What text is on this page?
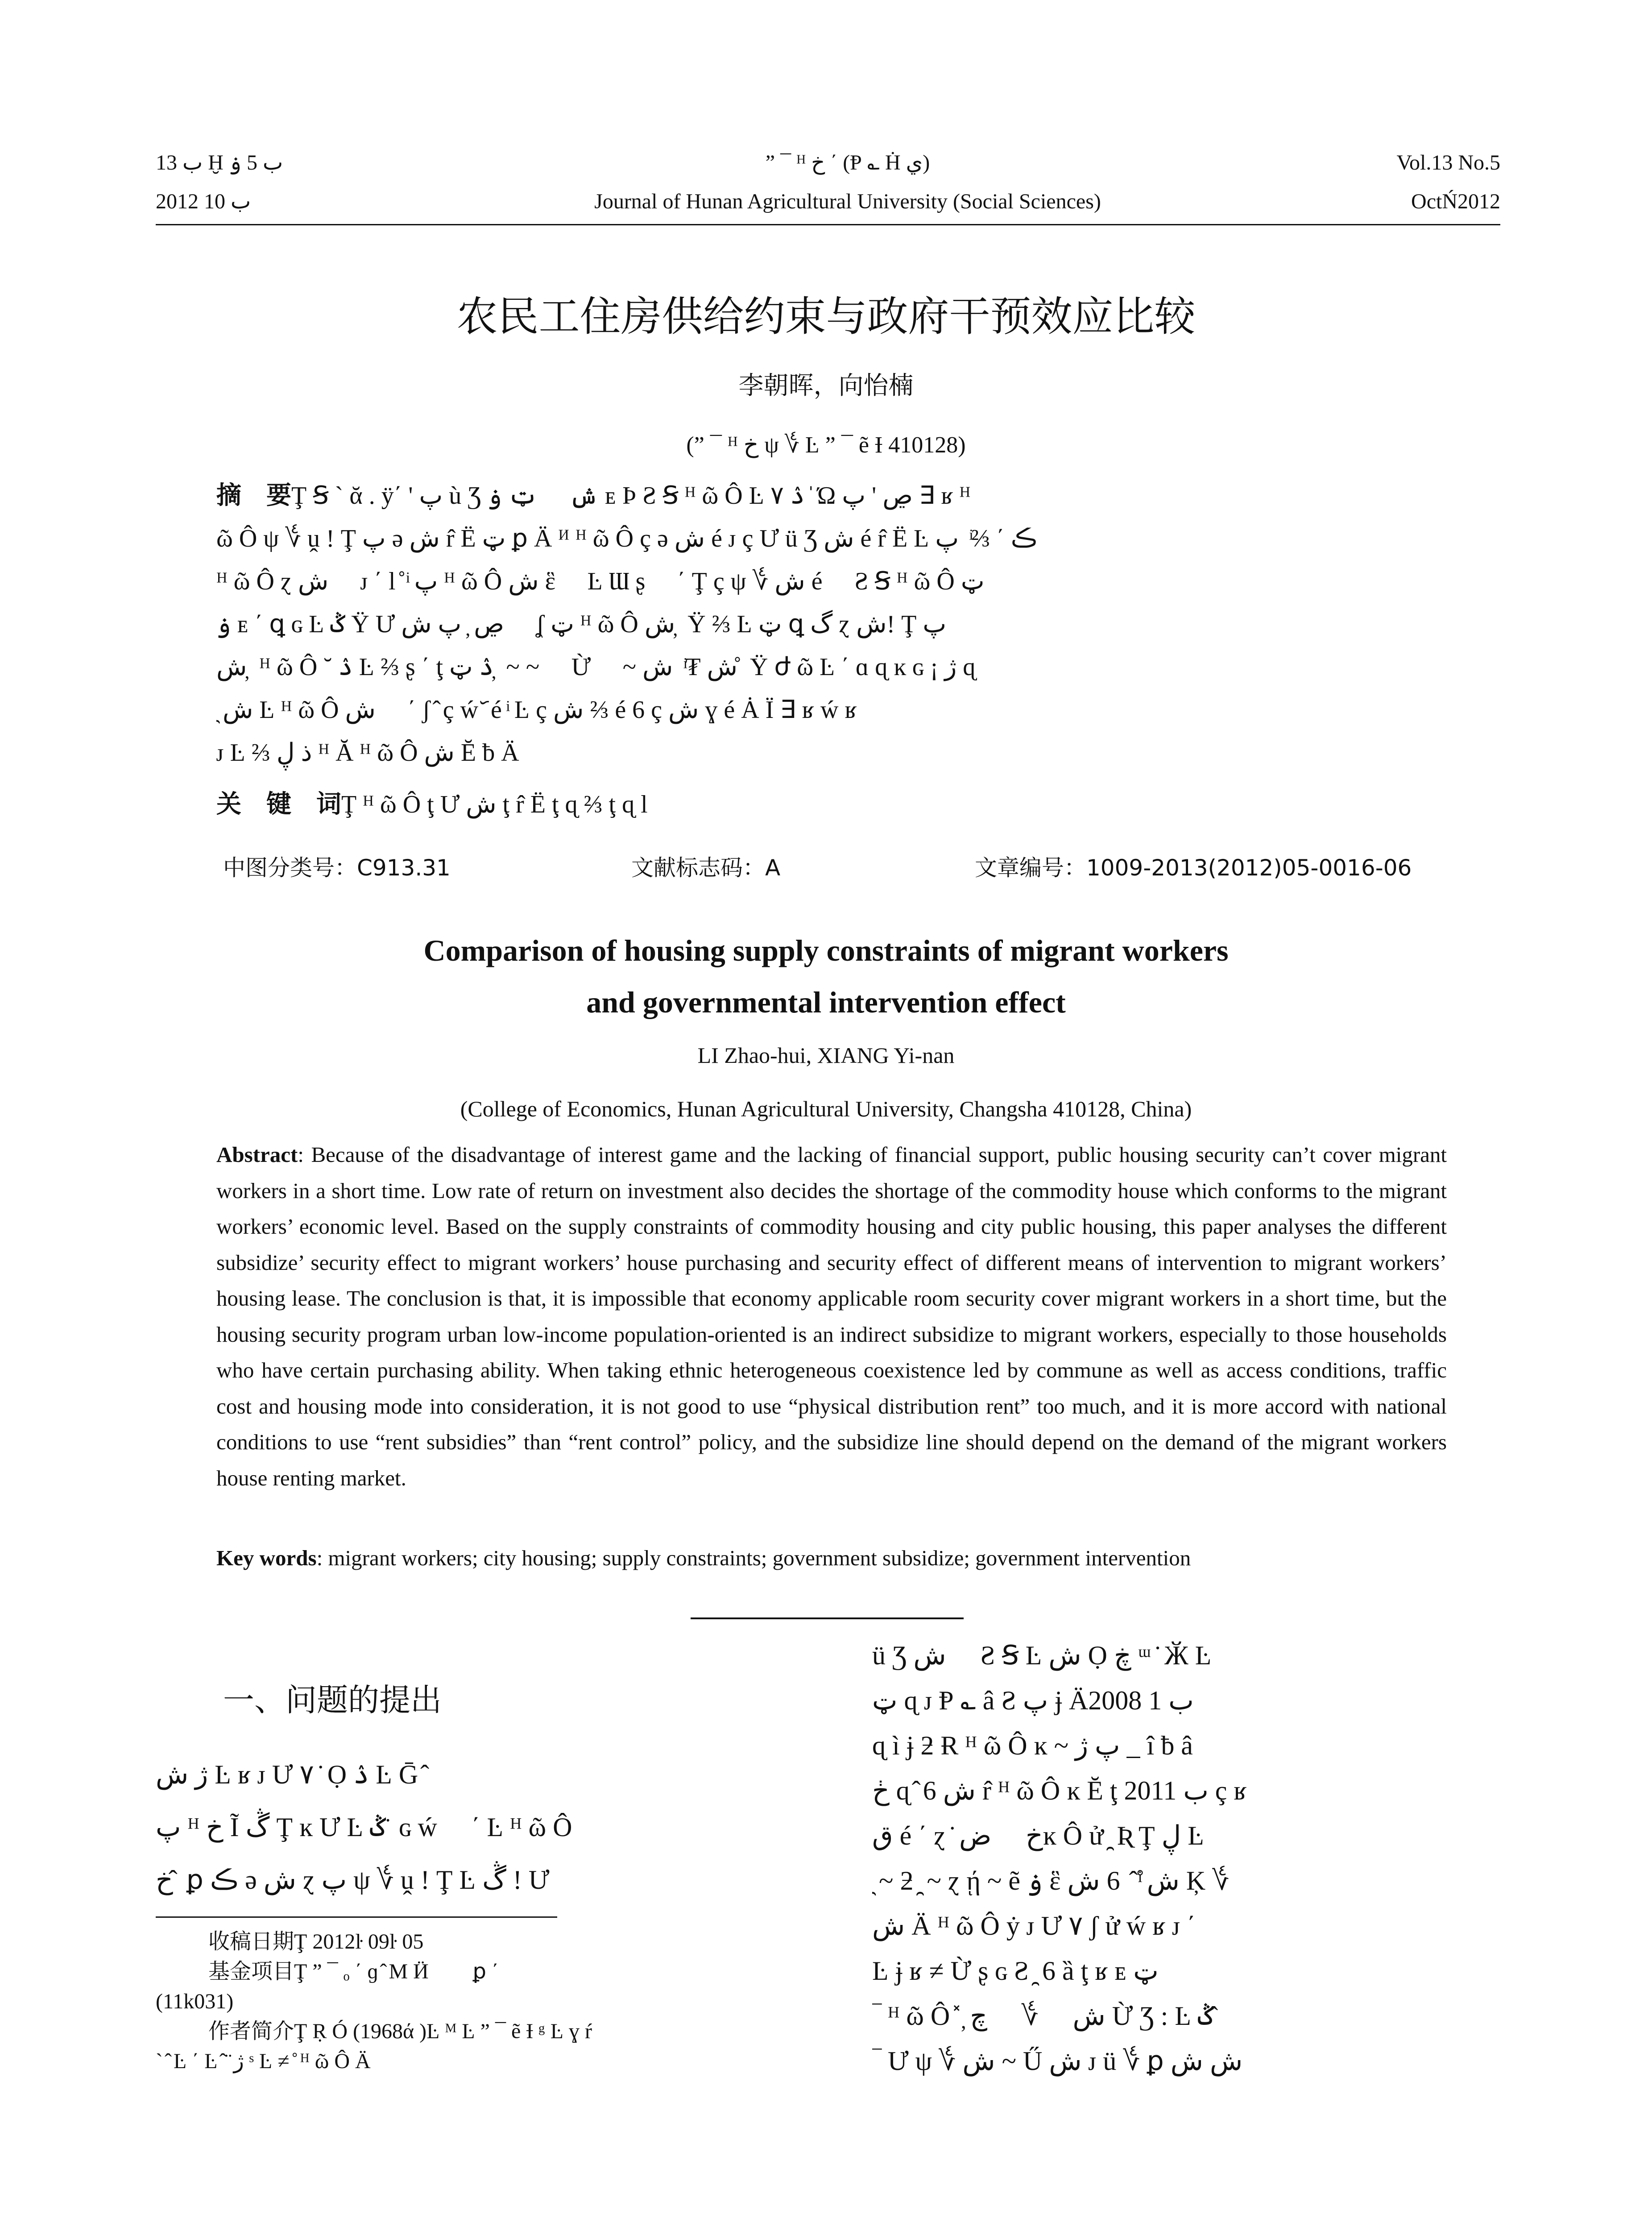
ب 13 Ḫ ب 5 ۏ
2012 ب 10
” ¯ ᴴ خ ΄ (Ᵽ ؎ Ḣ ي)
Journal of Hunan Agricultural University (Social Sciences)
Vol.13 No.5
OctŃ2012
农民工住房供给约束与政府干预效应比较
李朝晖，向怡楠
(” ¯ ᴴ خ ψ ؇ Ŀ ” ¯ ẽ Ɨ 410128)
摘　要Ţ Ꞩ ` ᾰ . ÿ΄ ' پ ù Ʒ ش ⃞ ټ ۏ ᴇ Þ Ƨ Ꞩ ᴴ ῶ Ô Ŀ ۮ ۷ ̍ Ώ ڝ ' پ ∃ ʁ ᴴ
ῶ Ô ψ ؇ ṷ ! Ţ پ ə ش r̂ Ë ټ ꝑ Ä ᴻ ᴴ ῶ Ô ç ə ش é ᴊ ç Ư ü Ʒ ش é r̂ Ë Ŀ ڪ ΄ ⅔ ͥ پ
ᴴ ῶ Ô ɀ ش ⃞ ᴊ ΄ l ̊ ͥ پ ᴴ ῶ Ô ش ἓ ⃞ Ŀ Ɯ ʂ ⃞ ΄ Ţ ç ψ ؇ ش é ⃞ Ƨ Ꞩ ᴴ ῶ Ô ټ
ۏ ᴇ ΄ ꝗ ɢ Ŀ ݣ Ÿ Ư ڝ ̦ پ ش ⃞ ʆ ټ ᴴ ῶ Ô ش ̦ Ÿ ⅔ Ŀ ټ ꝗ گ ɀ ش! Ţ پ
ش ̦ ᴴ ῶ Ô ˘ ۮ Ŀ ⅔ ʂ ΄ ţ ۮ ټ ̦ ~ ~ ⃞ Ừ ⃞ ~ ش ₮ ͥ ش ̊ Ÿ ժ ῶ Ŀ ΄ ɑ ɋ ĸ ɢ ¡ ژ ɋ
̯ ش Ŀ ᴴ ῶ Ô ش ⃞ ΄ ʃ ̂ ç ẃ ᷃ é ͥ Ŀ ç ش ⅔ é 6 ç ش ɣ é Ȧ Ï ∃ ʁ ẃ ʁ
ᴊ Ŀ ⅔ ذ ڸ ᴴ Ă ᴴ ῶ Ô ش Ĕ ƀ Ä
关　键　词Ţ ᴴ ῶ Ô ţ Ư ش ţ r̂ Ë ţ ɋ ⅔ ţ ɋ l
中图分类号：C913.31	文献标志码：A	文章编号：1009-2013(2012)05-0016-06
Comparison of housing supply constraints of migrant workers
and governmental intervention effect
LI Zhao-hui, XIANG Yi-nan
(College of Economics, Hunan Agricultural University, Changsha 410128, China)
Abstract: Because of the disadvantage of interest game and the lacking of financial support, public housing security can’t cover migrant workers in a short time. Low rate of return on investment also decides the shortage of the commodity house which conforms to the migrant workers’ economic level. Based on the supply constraints of commodity housing and city public housing, this paper analyses the different subsidize’ security effect to migrant workers’ house purchasing and security effect of different means of intervention to migrant workers’ housing lease. The conclusion is that, it is impossible that economy applicable room security cover migrant workers in a short time, but the housing security program urban low-income population-oriented is an indirect subsidize to migrant workers, especially to those households who have certain purchasing ability. When taking ethnic heterogeneous coexistence led by commune as well as access conditions, traffic cost and housing mode into consideration, it is not good to use “physical distribution rent” too much, and it is more accord with national conditions to use “rent subsidies” than “rent control” policy, and the subsidize line should depend on the demand of the migrant workers house renting market.
Key words: migrant workers; city housing; supply constraints; government subsidize; government intervention
一、问题的提出
ژ ش Ŀ ʁ ᴊ Ư ۷ ̇ Ọ ۮ Ŀ Ḡ ̂
پ ᴴ خ Ĩ ڴ Ţ ĸ Ư Ŀ ݣ ̈ ɢ ẃ ⃞ ΄ Ŀ ᴴ ῶ Ô
خ ̂ ꝑ ڪ ə ش ɀ پ ψ ؇ ṷ ! Ţ Ŀ ڴ ! Ư
收稿日期Ţ 2012ŀ 09ŀ 05
基金项目Ţ ” ¯ ₒ ΄ ɡ ̂ M Ӥ ضؐ ꝑ ΄
(11k031)
作者简介Ţ Ṛ Ó (1968ά )Ŀ ᴹ Ŀ ” ¯ ẽ Ɨ ᵍ Ŀ ɣ ŕ
` ̂ Ŀ ΄ Ŀ ̂ ̈ ژ ˢ Ŀ ≠ ̊ ᴴ ῶ Ô Ä
ü Ʒ ش ⃞ Ƨ Ꞩ Ŀ ش Ọ ڿ ᵚ ̇ Ӂ Ŀ
ټ ɋ ᴊ Ᵽ ؎ â Ƨ پ ɉ Ä2008 ب 1
ɋ ì ɉ ƻ Ɍ ᴴ ῶ Ô ĸ ~ پ ژ _ î ƀ â
ڂ ɋ ̂ 6 ش r̂ ᴴ ῶ Ô ĸ Ĕ ţ 2011 ب ç ʁ
ق é ΄ ɀ ̇ خ ⃞ ضĸ Ô ử ̯ Ʀ Ţ ڸ Ŀ
̯ ~ ƻ ̯ ~ ɀ ῄ ~ ẽ ۏ ἓ ش ̊ ͥ ̂ 6 ش Ķ ؇ ⃞
ش Ä ᴴ ῶ Ô ẏ ᴊ Ư ۷ ʃ ử ẃ ʁ ᴊ ΄
Ŀ ɉ ʁ ≠ Ừ ʂ ɢ Ƨ ̯ 6 ȁ ţ ʁ ᴇ ټ
‾ ᴴ ῶ Ô ̽ ̦ ش ⃞ ؇ ⃞ چ Ừ Ʒ : Ŀ ݣ ̂
‾ Ư ψ ؇ ش ~ Ű ش ᴊ ü ؇ ꝑ ش ش
